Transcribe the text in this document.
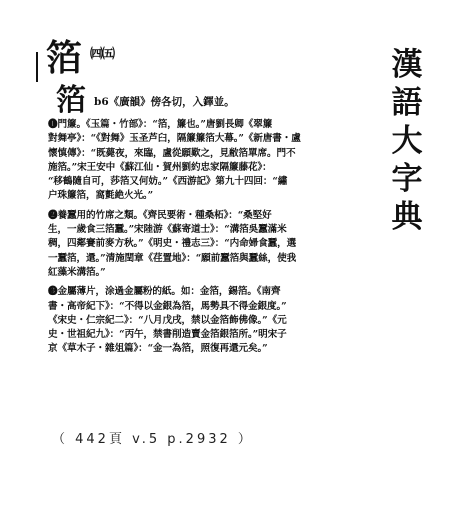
箔 ㈣㈤
箔 b6《廣韻》傍各切，入鐸並。
漢語大字典
❶門簾。《玉篇・竹部》：“箔，簾也。”唐劉長卿《翠簾
對舞亭》：“《對舞》玉圣芦臼，隔簾簾箔大幕。”《新唐書・盧
懷慎傳》：“既薨夜，來臨，盧從願歎之，見敝箔單席。門不
施箔。”宋王安中《蘇江仙・賀州劉約忠家隔簾藤花》：
“移鶴隨自可，莎箔又何妨。”《西游記》第九十四回：“繡
户珠簾箔，窩氈絶火光。”
❷養蠶用的竹席之類。《齊民要術・種桑柘》：“桑堅好
生，一歲食三箔蠶。”宋陸游《蘇寄道士》：“溝箔吳蠶滿米
稠，四鄰賽前麥方秋。”《明史・禮志三》：“内命婦食蠶，選
一蠶箔，還。”清施閏章《荏置地》：“願前蠶箔與蠶絲，使我
紅藻米溝箔。”
❸金屬薄片，涂過金屬粉的紙。如：金箔，錫箔。《南齊
書・高帝紀下》：“不得以金銀為箔，馬勢具不得金銀度。”
《宋史・仁宗紀二》：“八月戊戌，禁以金箔飾佛像。”《元
史・世祖紀九》：“丙午，禁書削造賣金箔銀箔所。”明宋子
京《草木子・雜俎篇》：“金一為箔，照復再還元矣。”
（ 442頁 v.5 p.2932 ）
